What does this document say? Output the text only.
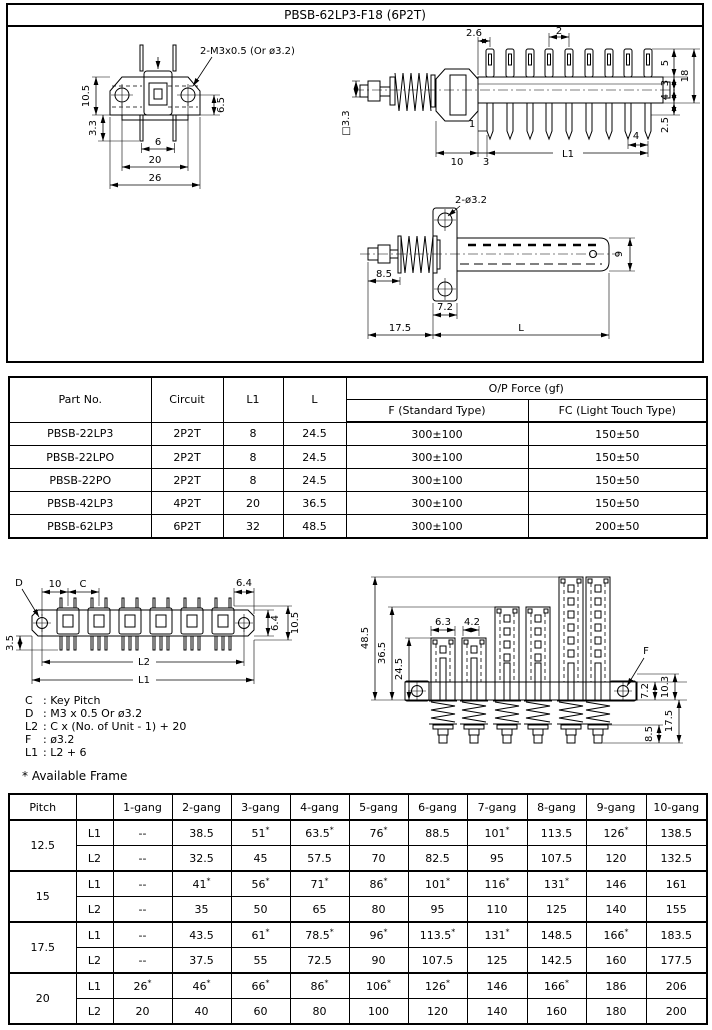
PBSB-62LP3-F18 (6P2T)
10.5
3.3
6.5
6
20
26
2-M3x0.5 (Or ø3.2)
2.6	2
5
3
4
18
2.5
□3.3	1
10 3
L1
4
2-ø3.2
8.5
7.2
17.5	L
9
Part No.	Circuit	L1	L	O/P Force (gf)	
				F (Standard Type)	FC (Light Touch Type)
PBSB-22LP3	2P2T	8	24.5	300±100	150±50
PBSB-22LPO	2P2T	8	24.5	300±100	150±50
PBSB-22PO	2P2T	8	24.5	300±100	150±50
PBSB-42LP3	4P2T	20	36.5	300±100	150±50
PBSB-62LP3	6P2T	32	48.5	300±100	200±50
D	10 C	6.4
6.4 10.5
3.5
L2
L1
C : Key Pitch
D : M3 x 0.5 Or ø3.2
L2 : C x (No. of Unit - 1) + 20
F	: ø3.2
L1 : L2 + 6
48.5
36.5
24.5
6.3 4.2
F
7.2 10.3
8.5
17.5
* Available Frame
Pitch		1-gang	2-gang	3-gang	4-gang	5-gang	6-gang	7-gang	8-gang	9-gang	10-gang
12.5	L1	--	38.5	51*	63.5*	76*	88.5	101*	113.5	126*	138.5
	L2	--	32.5	45	57.5	70	82.5	95	107.5	120	132.5
15	L1	--	41*	56*	71*	86*	101*	116*	131*	146	161
	L2	--	35	50	65	80	95	110	125	140	155
17.5	L1	--	43.5	61*	78.5*	96*	113.5*	131*	148.5	166*	183.5
	L2	--	37.5	55	72.5	90	107.5	125	142.5	160	177.5
20	L1	26*	46*	66*	86*	106*	126*	146	166*	186	206
	L2	20	40	60	80	100	120	140	160	180	200
